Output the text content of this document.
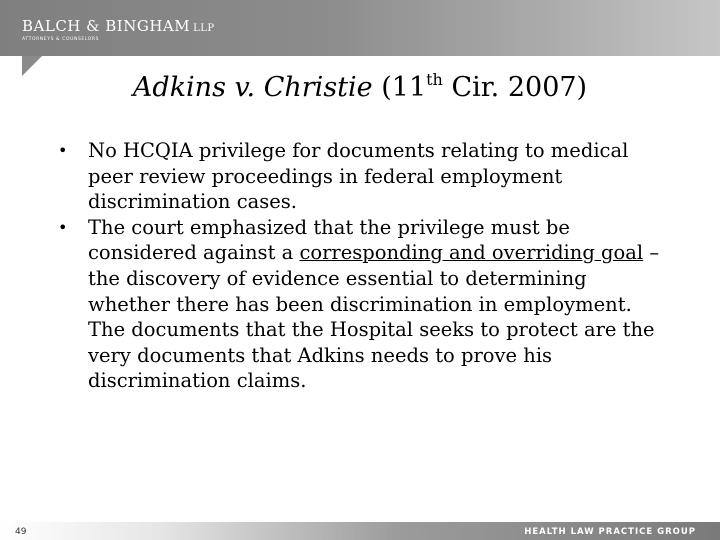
BALCH & BINGHAM LLP
ATTORNEYS & COUNSELORS
Adkins v. Christie (11th Cir. 2007)
• No HCQIA privilege for documents relating to medical peer review proceedings in federal employment discrimination cases.
• The court emphasized that the privilege must be considered against a corresponding and overriding goal – the discovery of evidence essential to determining whether there has been discrimination in employment. The documents that the Hospital seeks to protect are the very documents that Adkins needs to prove his discrimination claims.
49	HEALTH LAW PRACTICE GROUP
